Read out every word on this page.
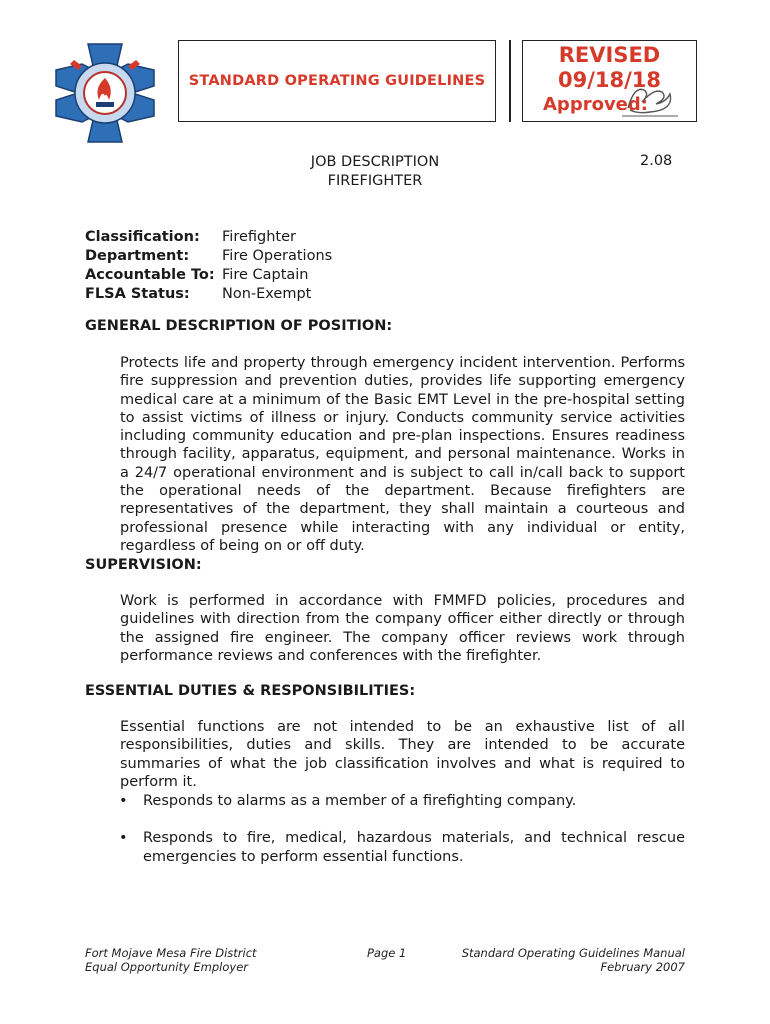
STANDARD OPERATING GUIDELINES
REVISED
09/18/18
Approved:
JOB DESCRIPTION
FIREFIGHTER
2.08
Classification:	Firefighter
Department:	Fire Operations
Accountable To: Fire Captain
FLSA Status:	Non-Exempt
GENERAL DESCRIPTION OF POSITION:
Protects life and property through emergency incident intervention. Performs fire suppression and prevention duties, provides life supporting emergency medical care at a minimum of the Basic EMT Level in the pre-hospital setting to assist victims of illness or injury. Conducts community service activities including community education and pre-plan inspections. Ensures readiness through facility, apparatus, equipment, and personal maintenance. Works in a 24/7 operational environment and is subject to call in/call back to support the operational needs of the department. Because firefighters are representatives of the department, they shall maintain a courteous and professional presence while interacting with any individual or entity, regardless of being on or off duty.
SUPERVISION:
Work is performed in accordance with FMMFD policies, procedures and guidelines with direction from the company officer either directly or through the assigned fire engineer. The company officer reviews work through performance reviews and conferences with the firefighter.
ESSENTIAL DUTIES & RESPONSIBILITIES:
Essential functions are not intended to be an exhaustive list of all responsibilities, duties and skills. They are intended to be accurate summaries of what the job classification involves and what is required to perform it.
• Responds to alarms as a member of a firefighting company.
• Responds to fire, medical, hazardous materials, and technical rescue emergencies to perform essential functions.
Fort Mojave Mesa Fire District
Equal Opportunity Employer
Page 1	Standard Operating Guidelines Manual
February 2007
